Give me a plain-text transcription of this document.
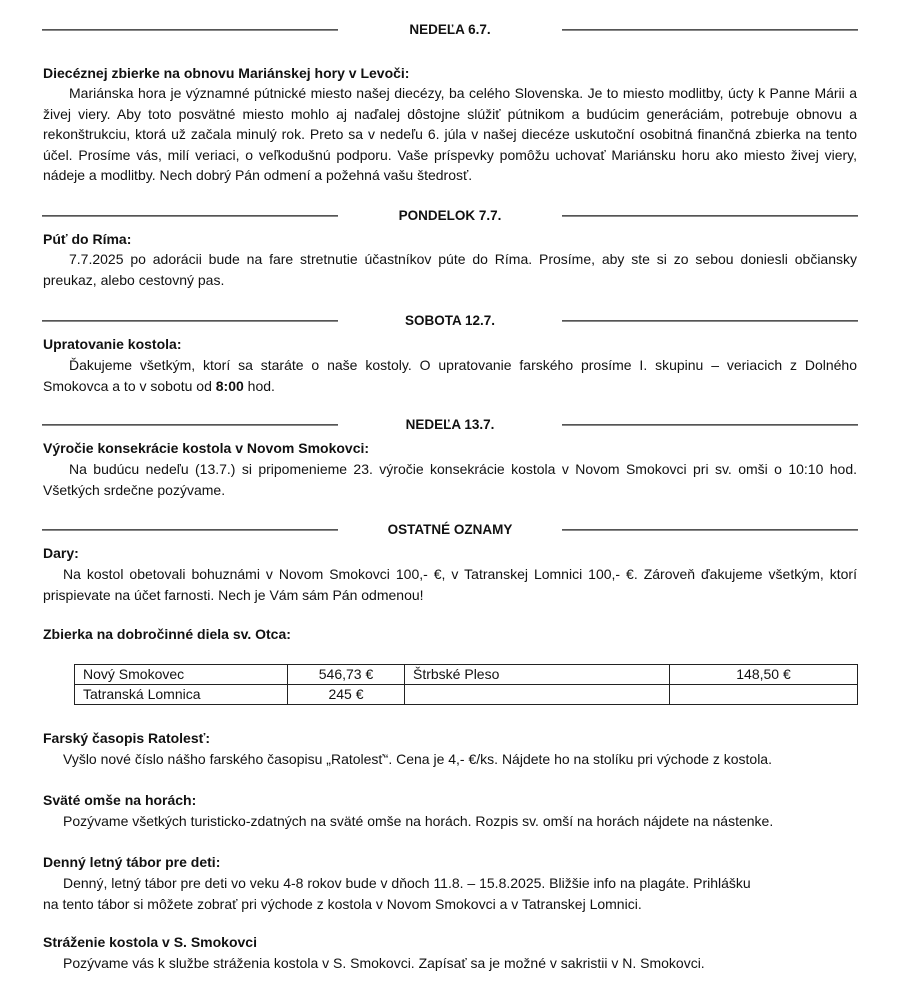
NEDEĽA 6.7.
Diecéznej zbierke na obnovu Mariánskej hory v Levoči:
Mariánska hora je významné pútnické miesto našej diecézy, ba celého Slovenska. Je to miesto modlitby, úcty k Panne Márii a živej viery. Aby toto posvätné miesto mohlo aj naďalej dôstojne slúžiť pútnikom a budúcim generáciám, potrebuje obnovu a rekonštrukciu, ktorá už začala minulý rok. Preto sa v nedeľu 6. júla v našej diecéze uskutoční osobitná finančná zbierka na tento účel. Prosíme vás, milí veriaci, o veľkodušnú podporu. Vaše príspevky pomôžu uchovať Mariánsku horu ako miesto živej viery, nádeje a modlitby. Nech dobrý Pán odmení a požehná vašu štedrosť.
PONDELOK 7.7.
Púť do Ríma:
7.7.2025 po adorácii bude na fare stretnutie účastníkov púte do Ríma. Prosíme, aby ste si zo sebou doniesli občiansky preukaz, alebo cestovný pas.
SOBOTA 12.7.
Upratovanie kostola:
Ďakujeme všetkým, ktorí sa staráte o naše kostoly. O upratovanie farského prosíme I. skupinu – veriacich z Dolného Smokovca a to v sobotu od 8:00 hod.
NEDEĽA 13.7.
Výročie konsekrácie kostola v Novom Smokovci:
Na budúcu nedeľu (13.7.) si pripomenieme 23. výročie konsekrácie kostola v Novom Smokovci pri sv. omši o 10:10 hod. Všetkých srdečne pozývame.
OSTATNÉ OZNAMY
Dary:
Na kostol obetovali bohuznámi v Novom Smokovci 100,- €, v Tatranskej Lomnici 100,- €. Zároveň ďakujeme všetkým, ktorí prispievate na účet farnosti. Nech je Vám sám Pán odmenou!
Zbierka na dobročinné diela sv. Otca:
Nový Smokovec	546,73 €	Štrbské Pleso	148,50 €
Tatranská Lomnica	245 €		
Farský časopis Ratolesť:
Vyšlo nové číslo nášho farského časopisu „Ratolesť“. Cena je 4,- €/ks. Nájdete ho na stolíku pri východe z kostola.
Sväté omše na horách:
Pozývame všetkých turisticko-zdatných na sväté omše na horách. Rozpis sv. omší na horách nájdete na nástenke.
Denný letný tábor pre deti:
Denný, letný tábor pre deti vo veku 4-8 rokov bude v dňoch 11.8. – 15.8.2025. Bližšie info na plagáte. Prihlášku
na tento tábor si môžete zobrať pri východe z kostola v Novom Smokovci a v Tatranskej Lomnici.
Stráženie kostola v S. Smokovci
Pozývame vás k službe stráženia kostola v S. Smokovci. Zapísať sa je možné v sakristii v N. Smokovci.
